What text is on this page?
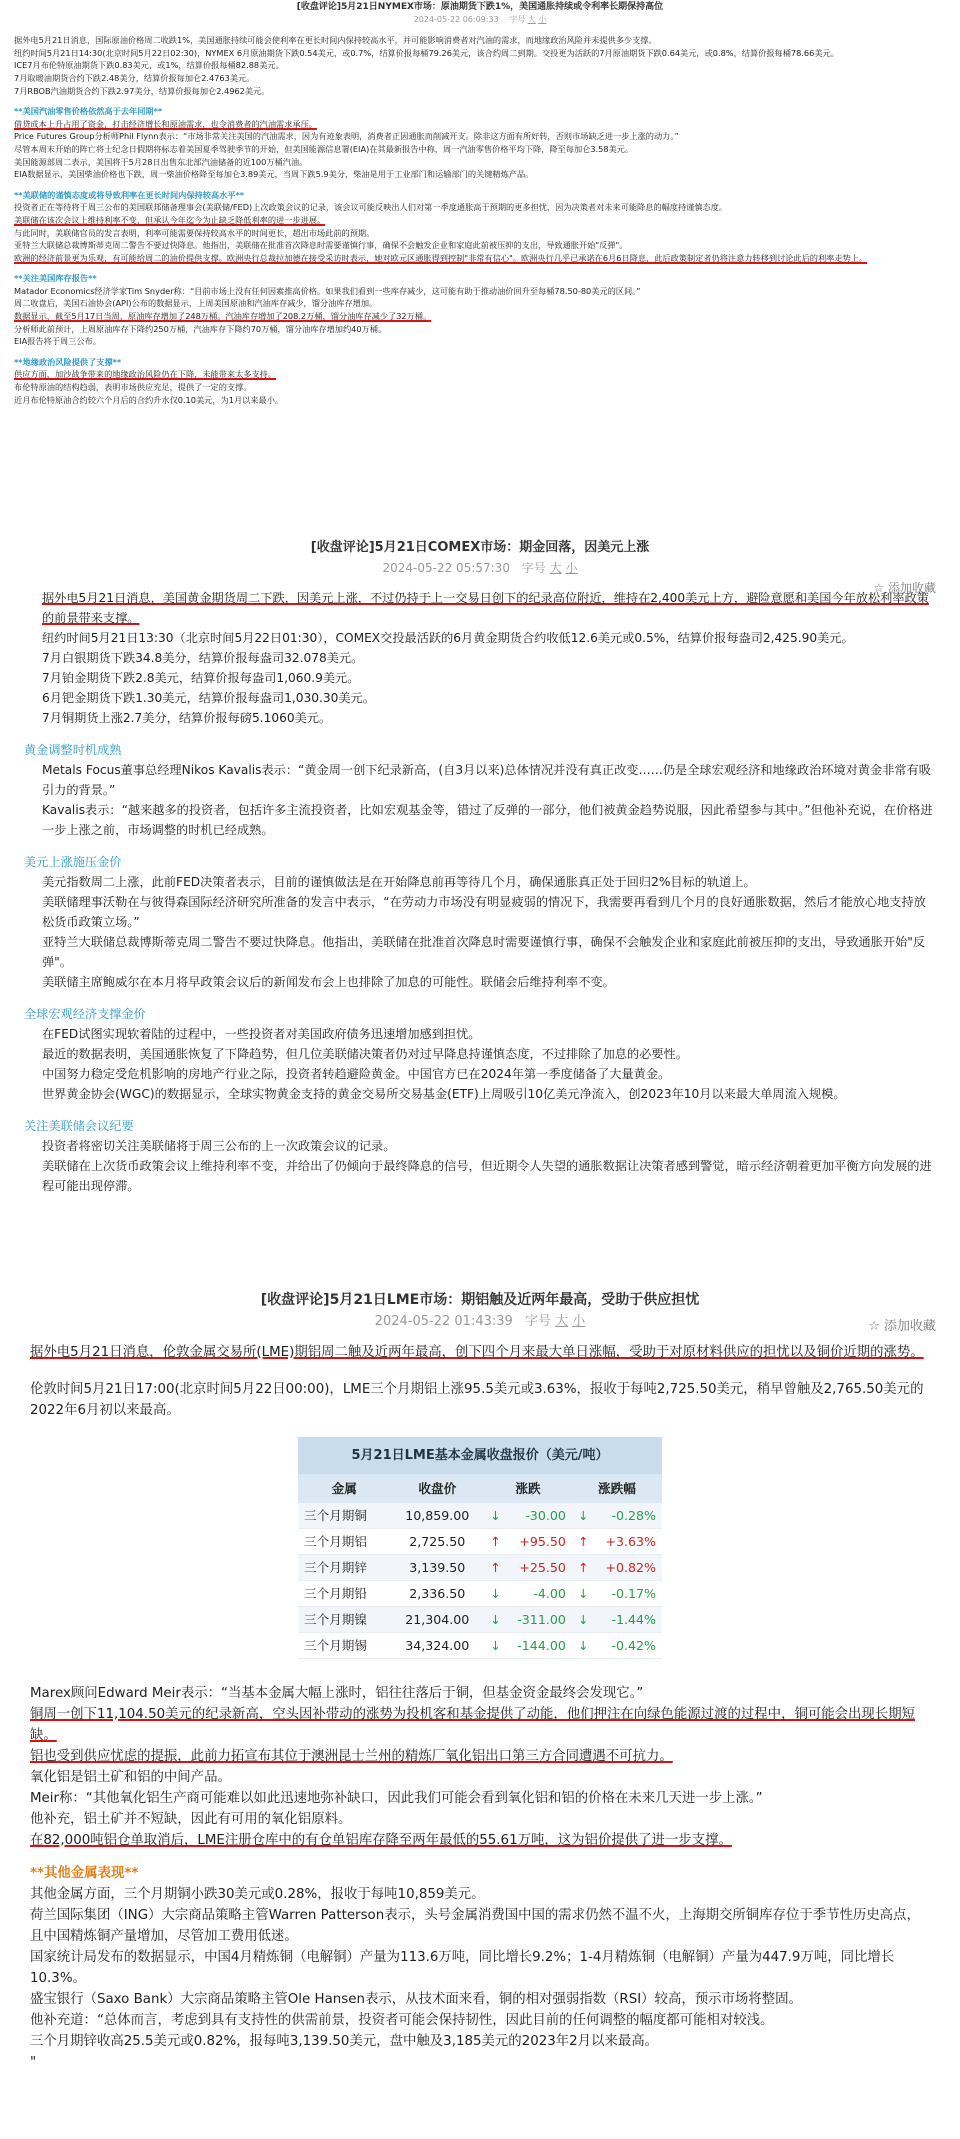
[收盘评论]5月21日NYMEX市场：原油期货下跌1%，美国通胀持续或令利率长期保持高位
2024-05-22 06:09:33 字号 大 小

据外电5月21日消息，国际原油价格周二收跌1%，美国通胀持续可能会使利率在更长时间内保持较高水平，并可能影响消费者对汽油的需求，而地缘政治风险并未提供多少支撑。

纽约时间5月21日14:30(北京时间5月22日02:30)，NYMEX 6月原油期货下跌0.54美元，或0.7%，结算价报每桶79.26美元，该合约周二到期。交投更为活跃的7月原油期货下跌0.64美元，或0.8%，结算价报每桶78.66美元。

ICE7月布伦特原油期货下跌0.83美元，或1%，结算价报每桶82.88美元。

7月取暖油期货合约下跌2.48美分，结算价报每加仑2.4763美元。

7月RBOB汽油期货合约下跌2.97美分，结算价报每加仑2.4962美元。

**美国汽油零售价格依然高于去年同期**

借贷成本上升占用了资金，打击经济增长和原油需求，也令消费者的汽油需求承压。

Price Futures Group分析师Phil Flynn表示：“市场非常关注美国的汽油需求，因为有迹象表明，消费者正因通胀而削减开支。除非这方面有所好转，否则市场缺乏进一步上涨的动力。”

尽管本周末开始的阵亡将士纪念日假期将标志着美国夏季驾驶季节的开始，但美国能源信息署(EIA)在其最新报告中称，周一汽油零售价格平均下降，降至每加仑3.58美元。

美国能源部周二表示，美国将于5月28日出售东北部汽油储备的近100万桶汽油。

EIA数据显示，美国柴油价格也下跌，周一柴油价格降至每加仑3.89美元，当周下跌5.9美分，柴油是用于工业部门和运输部门的关键精炼产品。

**美联储的谨慎态度或将导致利率在更长时间内保持较高水平**

投资者正在等待将于周三公布的美国联邦储备理事会(美联储/FED)上次政策会议的记录，该会议可能反映出人们对第一季度通胀高于预期的更多担忧，因为决策者对未来可能降息的幅度持谨慎态度。

美联储在该次会议上维持利率不变，但承认今年迄今为止缺乏降低利率的进一步进展。

与此同时，美联储官员的发言表明，利率可能需要保持较高水平的时间更长，超出市场此前的预期。

亚特兰大联储总裁博斯蒂克周二警告不要过快降息。他指出，美联储在批准首次降息时需要谨慎行事，确保不会触发企业和家庭此前被压抑的支出，导致通胀开始"反弹"。

欧洲的经济前景更为乐观，有可能给周二的油价提供支撑。欧洲央行总裁拉加德在接受采访时表示，她对欧元区通胀得到控制"非常有信心"。欧洲央行几乎已承诺在6月6日降息，此后政策制定者仍将注意力转移到讨论此后的利率走势上。

**关注美国库存报告**

Matador Economics经济学家Tim Snyder称：“目前市场上没有任何因素推高价格。如果我们看到一些库存减少，这可能有助于推动油价回升至每桶78.50-80美元的区间。”

周二收盘后，美国石油协会(API)公布的数据显示，上周美国原油和汽油库存减少，馏分油库存增加。

数据显示，截至5月17日当周，原油库存增加了248万桶。汽油库存增加了208.2万桶，馏分油库存减少了32万桶。

分析师此前预计，上周原油库存下降约250万桶，汽油库存下降约70万桶，馏分油库存增加约40万桶。

EIA报告将于周三公布。

**地缘政治风险提供了支撑**

供应方面，加沙战争带来的地缘政治风险仍在下降，未能带来太多支持。

布伦特原油的结构趋弱，表明市场供应充足，提供了一定的支撑。

近月布伦特原油合约较六个月后的合约升水仅0.10美元，为1月以来最小。

[收盘评论]5月21日COMEX市场：期金回落，因美元上涨
2024-05-22 05:57:30 字号 大 小
☆ 添加收藏

据外电5月21日消息，美国黄金期货周二下跌，因美元上涨，不过仍持于上一交易日创下的纪录高位附近，维持在2,400美元上方，避险意愿和美国今年放松利率政策的前景带来支撑。

纽约时间5月21日13:30（北京时间5月22日01:30），COMEX交投最活跃的6月黄金期货合约收低12.6美元或0.5%，结算价报每盎司2,425.90美元。

7月白银期货下跌34.8美分，结算价报每盎司32.078美元。

7月铂金期货下跌2.8美元，结算价报每盎司1,060.9美元。

6月钯金期货下跌1.30美元，结算价报每盎司1,030.30美元。

7月铜期货上涨2.7美分，结算价报每磅5.1060美元。

黄金调整时机成熟

Metals Focus董事总经理Nikos Kavalis表示：“黄金周一创下纪录新高，(自3月以来)总体情况并没有真正改变……仍是全球宏观经济和地缘政治环境对黄金非常有吸引力的背景。”

Kavalis表示：“越来越多的投资者，包括许多主流投资者，比如宏观基金等，错过了反弹的一部分，他们被黄金趋势说服，因此希望参与其中。”但他补充说，在价格进一步上涨之前，市场调整的时机已经成熟。

美元上涨施压金价

美元指数周二上涨，此前FED决策者表示，目前的谨慎做法是在开始降息前再等待几个月，确保通胀真正处于回归2%目标的轨道上。

美联储理事沃勒在与彼得森国际经济研究所准备的发言中表示，“在劳动力市场没有明显疲弱的情况下，我需要再看到几个月的良好通胀数据，然后才能放心地支持放松货币政策立场。”

亚特兰大联储总裁博斯蒂克周二警告不要过快降息。他指出，美联储在批准首次降息时需要谨慎行事，确保不会触发企业和家庭此前被压抑的支出，导致通胀开始"反弹"。

美联储主席鲍威尔在本月将早政策会议后的新闻发布会上也排除了加息的可能性。联储会后维持利率不变。

全球宏观经济支撑金价

在FED试图实现软着陆的过程中，一些投资者对美国政府债务迅速增加感到担忧。

最近的数据表明，美国通胀恢复了下降趋势，但几位美联储决策者仍对过早降息持谨慎态度，不过排除了加息的必要性。

中国努力稳定受危机影响的房地产行业之际，投资者转趋避险黄金。中国官方已在2024年第一季度储备了大量黄金。

世界黄金协会(WGC)的数据显示，全球实物黄金支持的黄金交易所交易基金(ETF)上周吸引10亿美元净流入，创2023年10月以来最大单周流入规模。

关注美联储会议纪要

投资者将密切关注美联储将于周三公布的上一次政策会议的记录。

美联储在上次货币政策会议上维持利率不变，并给出了仍倾向于最终降息的信号，但近期令人失望的通胀数据让决策者感到警觉，暗示经济朝着更加平衡方向发展的进程可能出现停滞。

[收盘评论]5月21日LME市场：期铝触及近两年最高，受助于供应担忧
2024-05-22 01:43:39 字号 大 小	☆ 添加收藏

据外电5月21日消息，伦敦金属交易所(LME)期铝周二触及近两年最高，创下四个月来最大单日涨幅，受助于对原材料供应的担忧以及铜价近期的涨势。

伦敦时间5月21日17:00(北京时间5月22日00:00)，LME三个月期铝上涨95.5美元或3.63%，报收于每吨2,725.50美元，稍早曾触及2,765.50美元的2022年6月初以来最高。

5月21日LME基本金属收盘报价（美元/吨）
金属	收盘价	涨跌	涨跌幅
三个月期铜	10,859.00	↓ -30.00	↓ -0.28%
三个月期铝	2,725.50	↑ +95.50	↑ +3.63%
三个月期锌	3,139.50	↑ +25.50	↑ +0.82%
三个月期铅	2,336.50	↓ -4.00	↓ -0.17%
三个月期镍	21,304.00	↓ -311.00	↓ -1.44%
三个月期锡	34,324.00	↓ -144.00	↓ -0.42%

Marex顾问Edward Meir表示：“当基本金属大幅上涨时，铝往往落后于铜，但基金资金最终会发现它。”

铜周一创下11,104.50美元的纪录新高，空头因补带动的涨势为投机客和基金提供了动能，他们押注在向绿色能源过渡的过程中，铜可能会出现长期短缺。

铝也受到供应忧虑的提振，此前力拓宣布其位于澳洲昆士兰州的精炼厂氧化铝出口第三方合同遭遇不可抗力。

氧化铝是铝土矿和铝的中间产品。

Meir称：“其他氧化铝生产商可能难以如此迅速地弥补缺口，因此我们可能会看到氧化铝和铝的价格在未来几天进一步上涨。”

他补充，铝土矿并不短缺，因此有可用的氧化铝原料。

在82,000吨铝仓单取消后，LME注册仓库中的有仓单铝库存降至两年最低的55.61万吨，这为铝价提供了进一步支撑。

**其他金属表现**

其他金属方面，三个月期铜小跌30美元或0.28%，报收于每吨10,859美元。

荷兰国际集团（ING）大宗商品策略主管Warren Patterson表示，头号金属消费国中国的需求仍然不温不火，上海期交所铜库存位于季节性历史高点，且中国精炼铜产量增加，尽管加工费用低迷。

国家统计局发布的数据显示，中国4月精炼铜（电解铜）产量为113.6万吨，同比增长9.2%；1-4月精炼铜（电解铜）产量为447.9万吨，同比增长10.3%。

盛宝银行（Saxo Bank）大宗商品策略主管Ole Hansen表示，从技术面来看，铜的相对强弱指数（RSI）较高，预示市场将整固。

他补充道：“总体而言，考虑到具有支持性的供需前景，投资者可能会保持韧性，因此目前的任何调整的幅度都可能相对较浅。

三个月期锌收高25.5美元或0.82%，报每吨3,139.50美元，盘中触及3,185美元的2023年2月以来最高。

"
